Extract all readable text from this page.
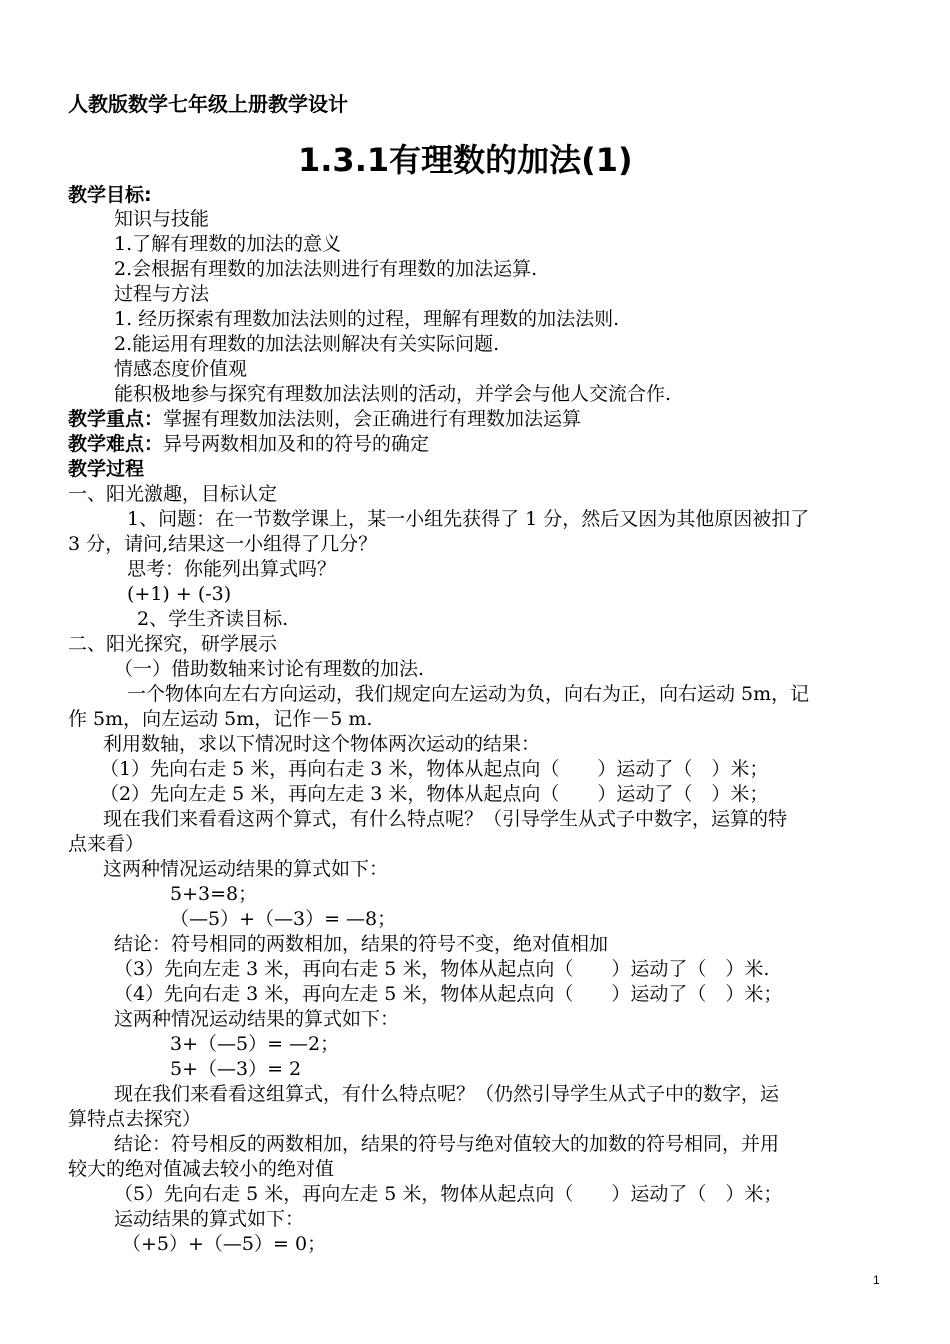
人教版数学七年级上册教学设计
1.3.1有理数的加法(1)
教学目标:
知识与技能
1.了解有理数的加法的意义
2.会根据有理数的加法法则进行有理数的加法运算.
过程与方法
1. 经历探索有理数加法法则的过程，理解有理数的加法法则.
2.能运用有理数的加法法则解决有关实际问题.
情感态度价值观
能积极地参与探究有理数加法法则的活动，并学会与他人交流合作.
教学重点：掌握有理数加法法则，会正确进行有理数加法运算
教学难点：异号两数相加及和的符号的确定
教学过程
一、阳光激趣，目标认定
1、问题：在一节数学课上，某一小组先获得了 1 分，然后又因为其他原因被扣了
3 分，请问,结果这一小组得了几分？
思考：你能列出算式吗？
(+1) + (-3)
2、学生齐读目标.
二、阳光探究，研学展示
（一）借助数轴来讨论有理数的加法.
一个物体向左右方向运动，我们规定向左运动为负，向右为正，向右运动 5m，记
作 5m，向左运动 5m，记作－5 m.
利用数轴，求以下情况时这个物体两次运动的结果：
（1）先向右走 5 米，再向右走 3 米，物体从起点向（　　）运动了（　）米；
（2）先向左走 5 米，再向左走 3 米，物体从起点向（　　）运动了（　）米；
现在我们来看看这两个算式，有什么特点呢？（引导学生从式子中数字，运算的特
点来看）
这两种情况运动结果的算式如下：
5+3=8；
（—5）+（—3）= —8；
结论：符号相同的两数相加，结果的符号不变，绝对值相加
（3）先向左走 3 米，再向右走 5 米，物体从起点向（　　）运动了（　）米.
（4）先向右走 3 米，再向左走 5 米，物体从起点向（　　）运动了（　）米；
这两种情况运动结果的算式如下：
3+（—5）= —2；
5+（—3）= 2
现在我们来看看这组算式，有什么特点呢？（仍然引导学生从式子中的数字，运
算特点去探究）
结论：符号相反的两数相加，结果的符号与绝对值较大的加数的符号相同，并用
较大的绝对值减去较小的绝对值
（5）先向右走 5 米，再向左走 5 米，物体从起点向（　　）运动了（　）米；
运动结果的算式如下：
（+5）+（—5）= 0；
1
